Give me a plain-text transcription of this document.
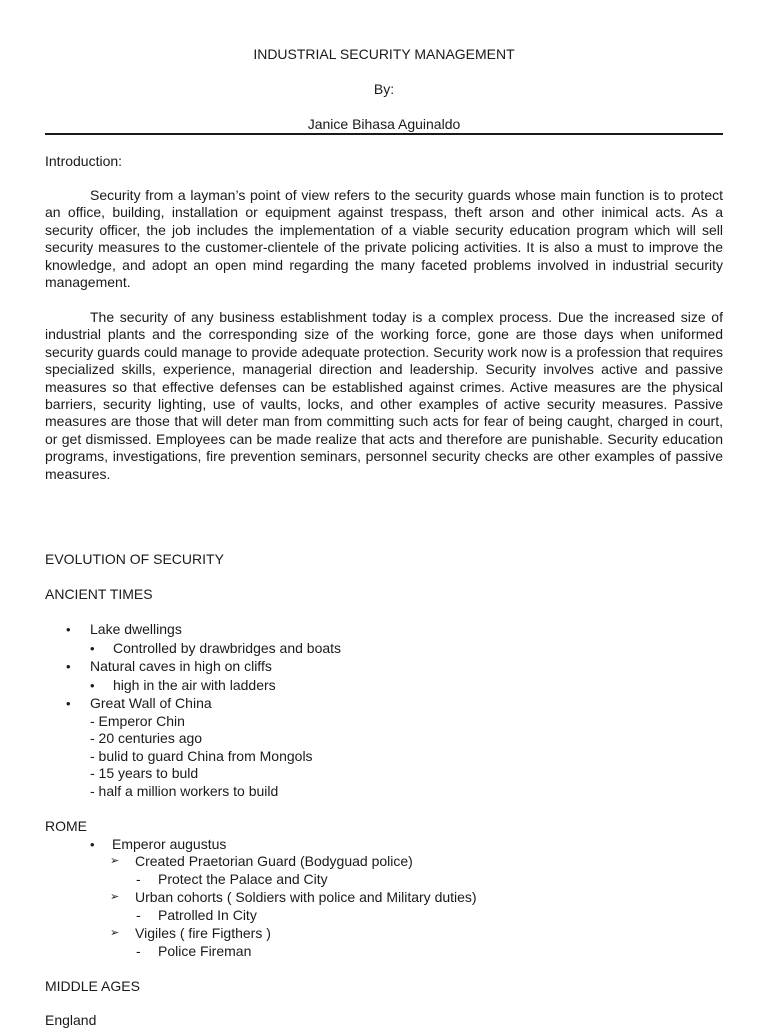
INDUSTRIAL SECURITY MANAGEMENT
By:
Janice Bihasa Aguinaldo
Introduction:

Security from a layman’s point of view refers to the security guards whose main function is to protect an office, building, installation or equipment against trespass, theft arson and other inimical acts. As a security officer, the job includes the implementation of a viable security education program which will sell security measures to the customer-clientele of the private policing activities. It is also a must to improve the knowledge, and adopt an open mind regarding the many faceted problems involved in industrial security management.

The security of any business establishment today is a complex process. Due the increased size of industrial plants and the corresponding size of the working force, gone are those days when uniformed security guards could manage to provide adequate protection. Security work now is a profession that requires specialized skills, experience, managerial direction and leadership. Security involves active and passive measures so that effective defenses can be established against crimes. Active measures are the physical barriers, security lighting, use of vaults, locks, and other examples of active security measures. Passive measures are those that will deter man from committing such acts for fear of being caught, charged in court, or get dismissed. Employees can be made realize that acts and therefore are punishable. Security education programs, investigations, fire prevention seminars, personnel security checks are other examples of passive measures.

EVOLUTION OF SECURITY
ANCIENT TIMES
• Lake dwellings
• Controlled by drawbridges and boats
• Natural caves in high on cliffs
• high in the air with ladders
• Great Wall of China
- Emperor Chin
- 20 centuries ago
- bulid to guard China from Mongols
- 15 years to buld
- half a million workers to build
ROME
• Emperor augustus
➢ Created Praetorian Guard (Bodyguad police)
- Protect the Palace and City
➢ Urban cohorts ( Soldiers with police and Military duties)
- Patrolled In City
➢ Vigiles ( fire Figthers )
- Police Fireman
MIDDLE AGES
England
